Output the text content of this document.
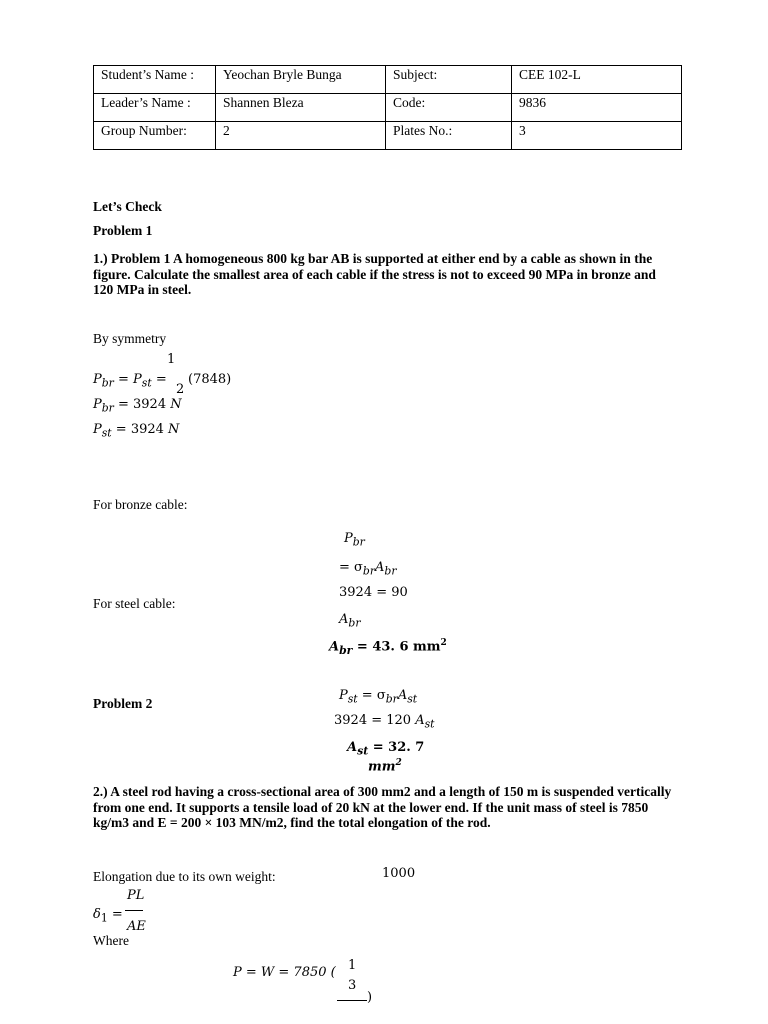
Student’s Name :	Yeochan Bryle Bunga	Subject:	CEE 102-L
Leader’s Name :	Shannen Bleza	Code:	9836
Group Number:	2	Plates No.:	3
Let’s Check
Problem 1
1.) Problem 1 A homogeneous 800 kg bar AB is supported at either end by a cable as shown in the figure. Calculate the smallest area of each cable if the stress is not to exceed 90 MPa in bronze and 120 MPa in steel.
By symmetry
1
$P_{br} = P_{st}$ =
2
(7848)
$P_{br} = 3924$ N
$P_{st} = 3924$ N
For bronze cable:
$P_{br}$
= $\sigma_{br}A_{br}$
3924 = 90
For steel cable:
$A_{br}$
$A_{br} = 43$. 6 $mm^2$
Problem 2
$P_{st} = \sigma_{br}A_{st}$
3924 = 120 $A_{st}$
$A_{st} = 32$. 7
$mm^2$
2.) A steel rod having a cross-sectional area of 300 mm2 and a length of 150 m is suspended vertically from one end. It supports a tensile load of 20 kN at the lower end. If the unit mass of steel is 7850 kg/m3 and E = 200 × 103 MN/m2, find the total elongation of the rod.
Elongation due to its own weight:	1000
PL
$\delta_1$ =
AE
Where
1
P = W = 7850 (
3
)
